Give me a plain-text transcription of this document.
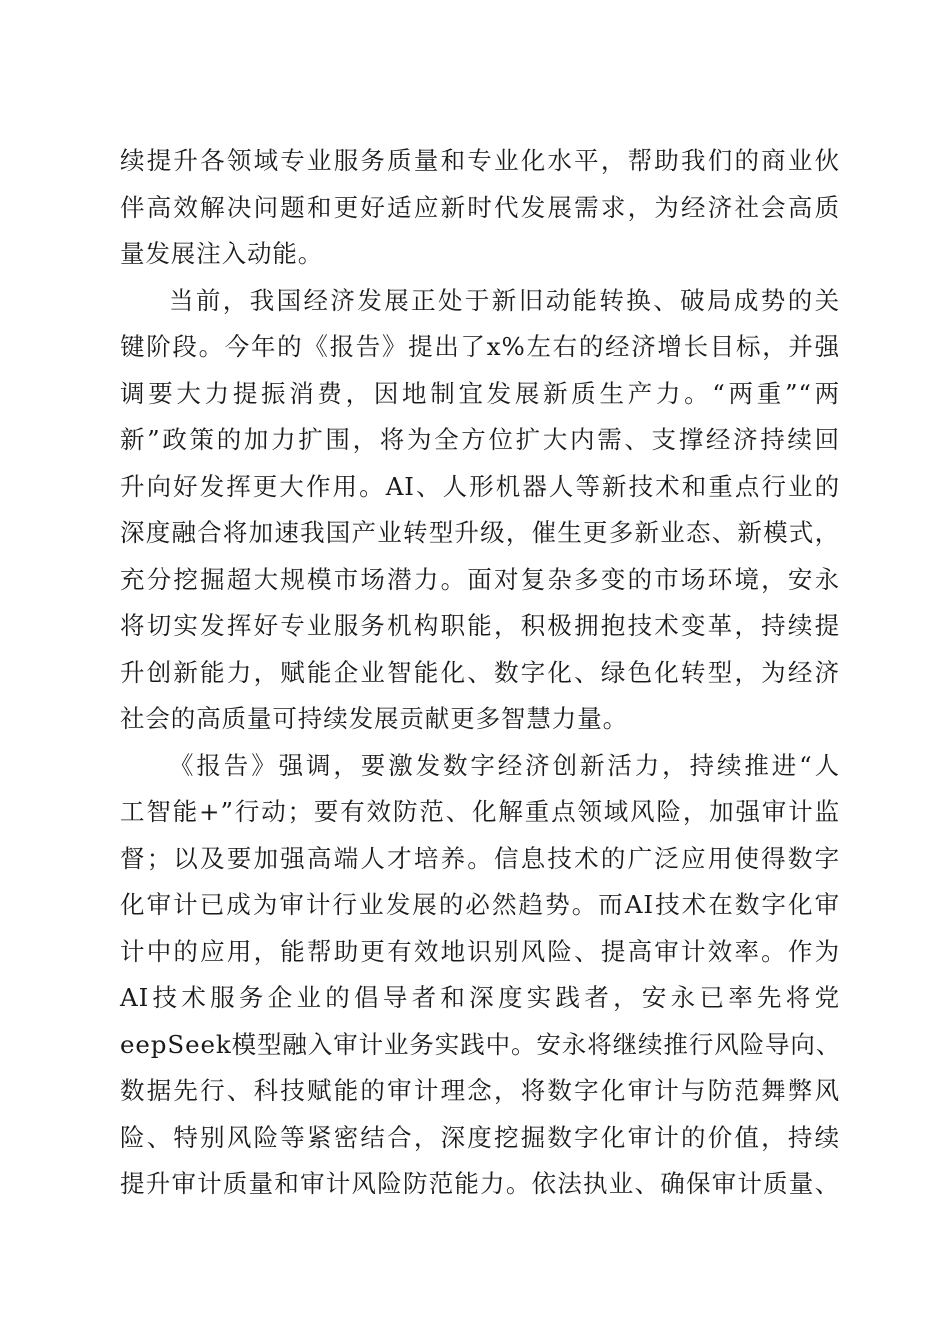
续提升各领域专业服务质量和专业化水平，帮助我们的商业伙
伴高效解决问题和更好适应新时代发展需求，为经济社会高质
量发展注入动能。
当前，我国经济发展正处于新旧动能转换、破局成势的关
键阶段。今年的《报告》提出了x%左右的经济增长目标，并强
调要大力提振消费，因地制宜发展新质生产力。“两重”“两
新”政策的加力扩围，将为全方位扩大内需、支撑经济持续回
升向好发挥更大作用。AI、人形机器人等新技术和重点行业的
深度融合将加速我国产业转型升级，催生更多新业态、新模式，
充分挖掘超大规模市场潜力。面对复杂多变的市场环境，安永
将切实发挥好专业服务机构职能，积极拥抱技术变革，持续提
升创新能力，赋能企业智能化、数字化、绿色化转型，为经济
社会的高质量可持续发展贡献更多智慧力量。
《报告》强调，要激发数字经济创新活力，持续推进“人
工智能+”行动；要有效防范、化解重点领域风险，加强审计监
督；以及要加强高端人才培养。信息技术的广泛应用使得数字
化审计已成为审计行业发展的必然趋势。而AI技术在数字化审
计中的应用，能帮助更有效地识别风险、提高审计效率。作为
AI技术服务企业的倡导者和深度实践者，安永已率先将党
eepSeek模型融入审计业务实践中。安永将继续推行风险导向、
数据先行、科技赋能的审计理念，将数字化审计与防范舞弊风
险、特别风险等紧密结合，深度挖掘数字化审计的价值，持续
提升审计质量和审计风险防范能力。依法执业、确保审计质量、
